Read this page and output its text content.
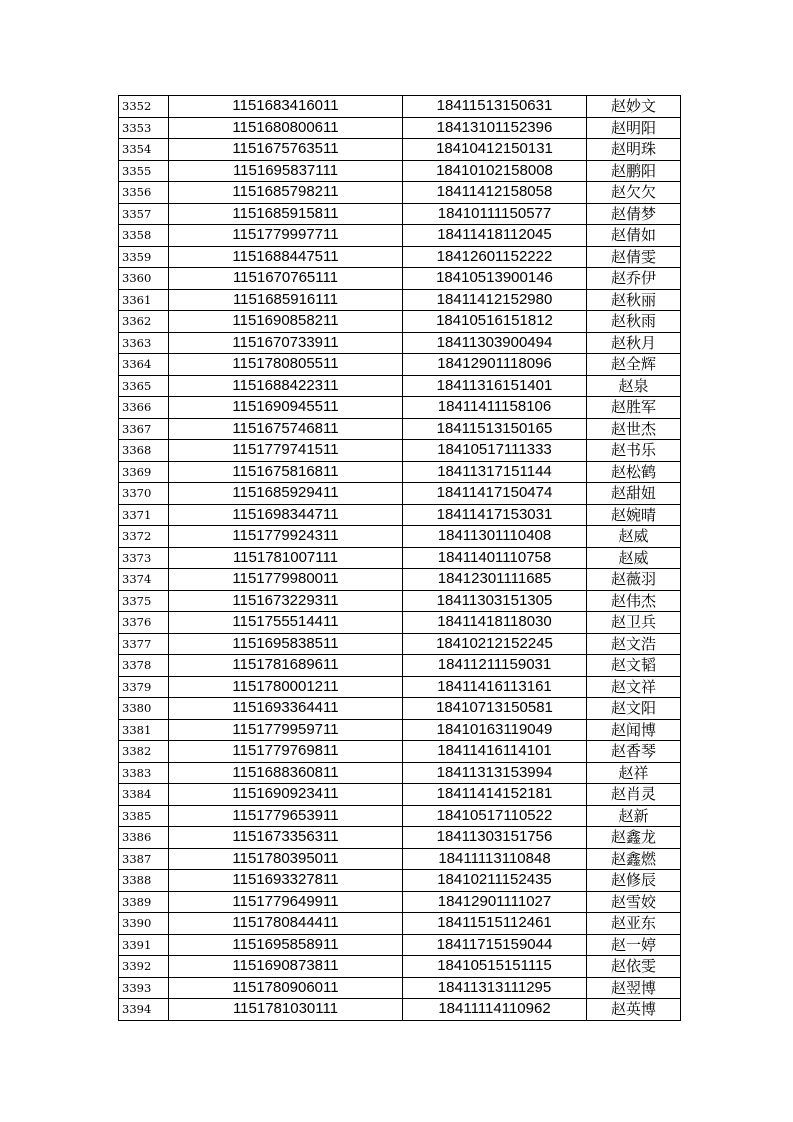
3352	1151683416011	18411513150631	赵妙文
3353	1151680800611	18413101152396	赵明阳
3354	1151675763511	18410412150131	赵明珠
3355	1151695837111	18410102158008	赵鹏阳
3356	1151685798211	18411412158058	赵欠欠
3357	1151685915811	18410111150577	赵倩梦
3358	1151779997711	18411418112045	赵倩如
3359	1151688447511	18412601152222	赵倩雯
3360	1151670765111	18410513900146	赵乔伊
3361	1151685916111	18411412152980	赵秋丽
3362	1151690858211	18410516151812	赵秋雨
3363	1151670733911	18411303900494	赵秋月
3364	1151780805511	18412901118096	赵全辉
3365	1151688422311	18411316151401	赵泉
3366	1151690945511	18411411158106	赵胜军
3367	1151675746811	18411513150165	赵世杰
3368	1151779741511	18410517111333	赵书乐
3369	1151675816811	18411317151144	赵松鹤
3370	1151685929411	18411417150474	赵甜妞
3371	1151698344711	18411417153031	赵婉晴
3372	1151779924311	18411301110408	赵威
3373	1151781007111	18411401110758	赵威
3374	1151779980011	18412301111685	赵薇羽
3375	1151673229311	18411303151305	赵伟杰
3376	1151755514411	18411418118030	赵卫兵
3377	1151695838511	18410212152245	赵文浩
3378	1151781689611	18411211159031	赵文韬
3379	1151780001211	18411416113161	赵文祥
3380	1151693364411	18410713150581	赵文阳
3381	1151779959711	18410163119049	赵闻博
3382	1151779769811	18411416114101	赵香琴
3383	1151688360811	18411313153994	赵祥
3384	1151690923411	18411414152181	赵肖灵
3385	1151779653911	18410517110522	赵新
3386	1151673356311	18411303151756	赵鑫龙
3387	1151780395011	18411113110848	赵鑫燃
3388	1151693327811	18410211152435	赵修辰
3389	1151779649911	18412901111027	赵雪姣
3390	1151780844411	18411515112461	赵亚东
3391	1151695858911	18411715159044	赵一婷
3392	1151690873811	18410515151115	赵依雯
3393	1151780906011	18411313111295	赵翌博
3394	1151781030111	18411114110962	赵英博
